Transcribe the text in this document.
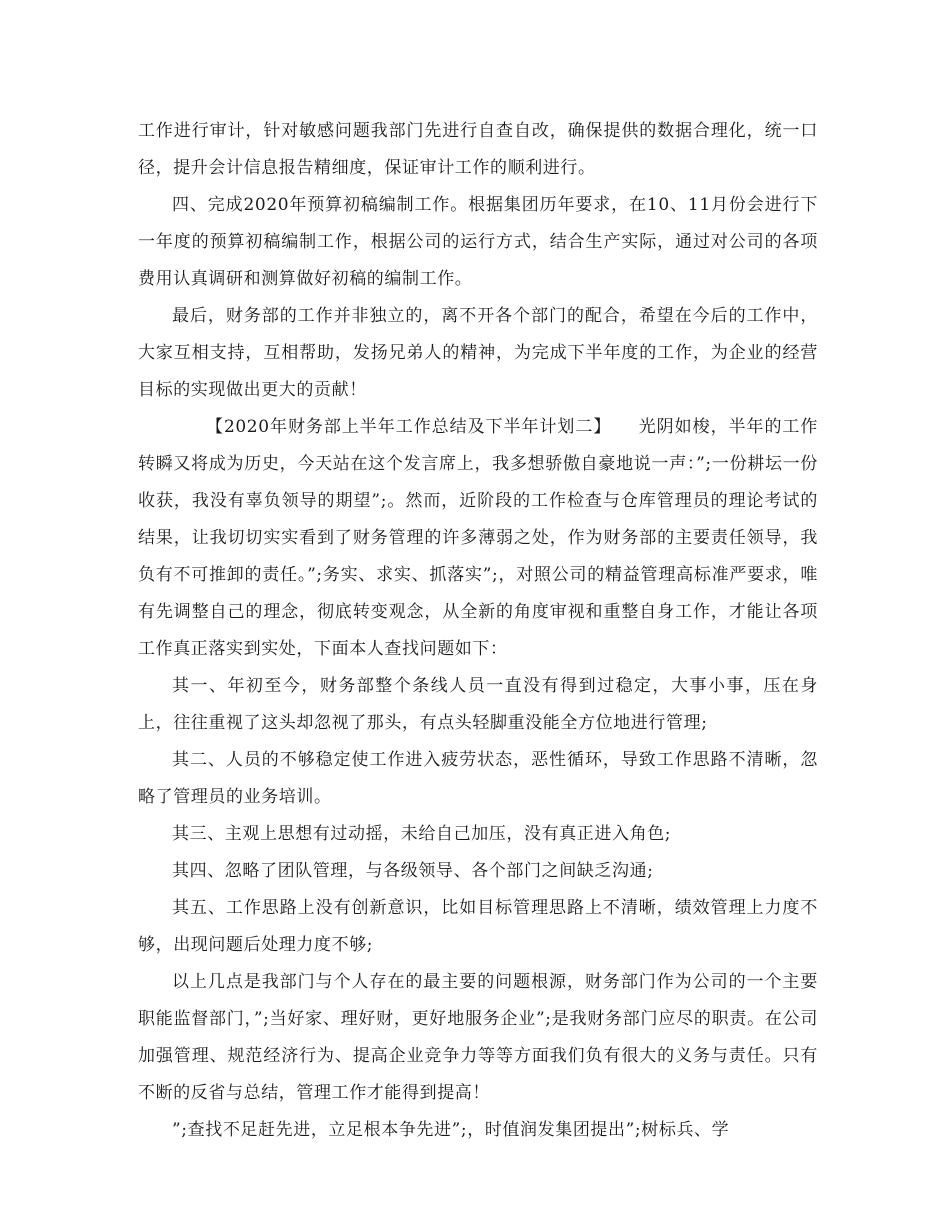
工作进行审计，针对敏感问题我部门先进行自查自改，确保提供的数据合理化，统一口径，提升会计信息报告精细度，保证审计工作的顺利进行。

四、完成2020年预算初稿编制工作。根据集团历年要求，在10、11月份会进行下一年度的预算初稿编制工作，根据公司的运行方式，结合生产实际，通过对公司的各项费用认真调研和测算做好初稿的编制工作。

最后，财务部的工作并非独立的，离不开各个部门的配合，希望在今后的工作中，大家互相支持，互相帮助，发扬兄弟人的精神，为完成下半年度的工作，为企业的经营目标的实现做出更大的贡献！

【2020年财务部上半年工作总结及下半年计划二】　　光阴如梭，半年的工作转瞬又将成为历史，今天站在这个发言席上，我多想骄傲自豪地说一声：”;一份耕坛一份收获，我没有辜负领导的期望”;。然而，近阶段的工作检查与仓库管理员的理论考试的结果，让我切切实实看到了财务管理的许多薄弱之处，作为财务部的主要责任领导，我负有不可推卸的责任。”;务实、求实、抓落实”;，对照公司的精益管理高标准严要求，唯有先调整自己的理念，彻底转变观念，从全新的角度审视和重整自身工作，才能让各项工作真正落实到实处，下面本人查找问题如下：

其一、年初至今，财务部整个条线人员一直没有得到过稳定，大事小事，压在身上，往往重视了这头却忽视了那头，有点头轻脚重没能全方位地进行管理;

其二、人员的不够稳定使工作进入疲劳状态，恶性循环，导致工作思路不清晰，忽略了管理员的业务培训。

其三、主观上思想有过动摇，未给自己加压，没有真正进入角色;

其四、忽略了团队管理，与各级领导、各个部门之间缺乏沟通;

其五、工作思路上没有创新意识，比如目标管理思路上不清晰，绩效管理上力度不够，出现问题后处理力度不够;

以上几点是我部门与个人存在的最主要的问题根源，财务部门作为公司的一个主要职能监督部门，”;当好家、理好财，更好地服务企业”;是我财务部门应尽的职责。在公司加强管理、规范经济行为、提高企业竞争力等等方面我们负有很大的义务与责任。只有不断的反省与总结，管理工作才能得到提高！

”;查找不足赶先进，立足根本争先进”;，时值润发集团提出”;树标兵、学
